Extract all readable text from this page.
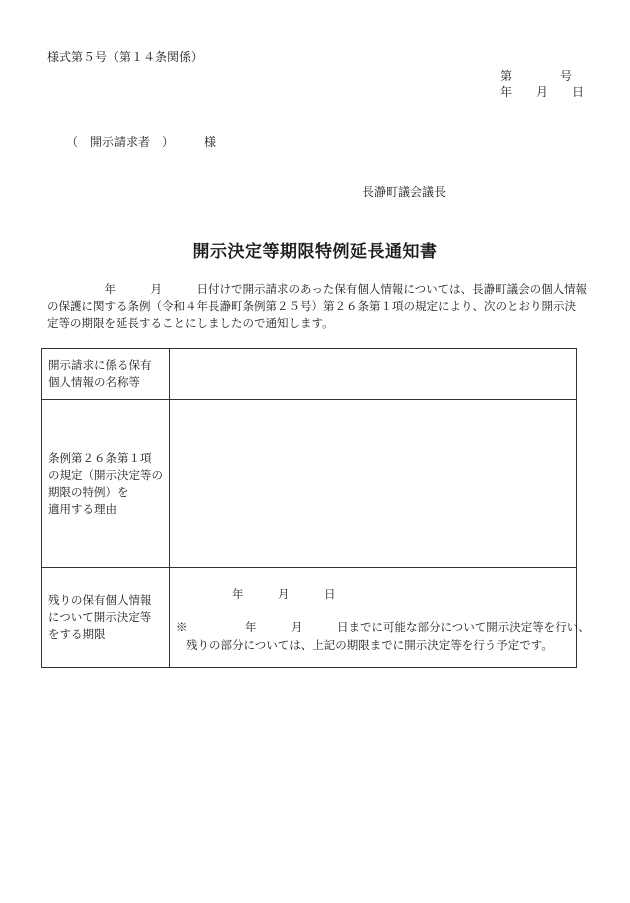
様式第５号（第１４条関係）
第　　　　号
年　　月　　日
（　開示請求者　）　　　様
長瀞町議会議長
開示決定等期限特例延長通知書
　　　　　年　　　月　　　日付けで開示請求のあった保有個人情報については、長瀞町議会の個人情報
の保護に関する条例（令和４年長瀞町条例第２５号）第２６条第１項の規定により、次のとおり開示決
定等の期限を延長することにしましたので通知します。
開示請求に係る保有
個人情報の名称等	

条例第２６条第１項
の規定（開示決定等の
期限の特例）を
適用する理由	

残りの保有個人情報
について開示決定等
をする期限	年　　　月　　　日
※　　　　　年　　　月　　　日までに可能な部分について開示決定等を行い、
残りの部分については、上記の期限までに開示決定等を行う予定です。
